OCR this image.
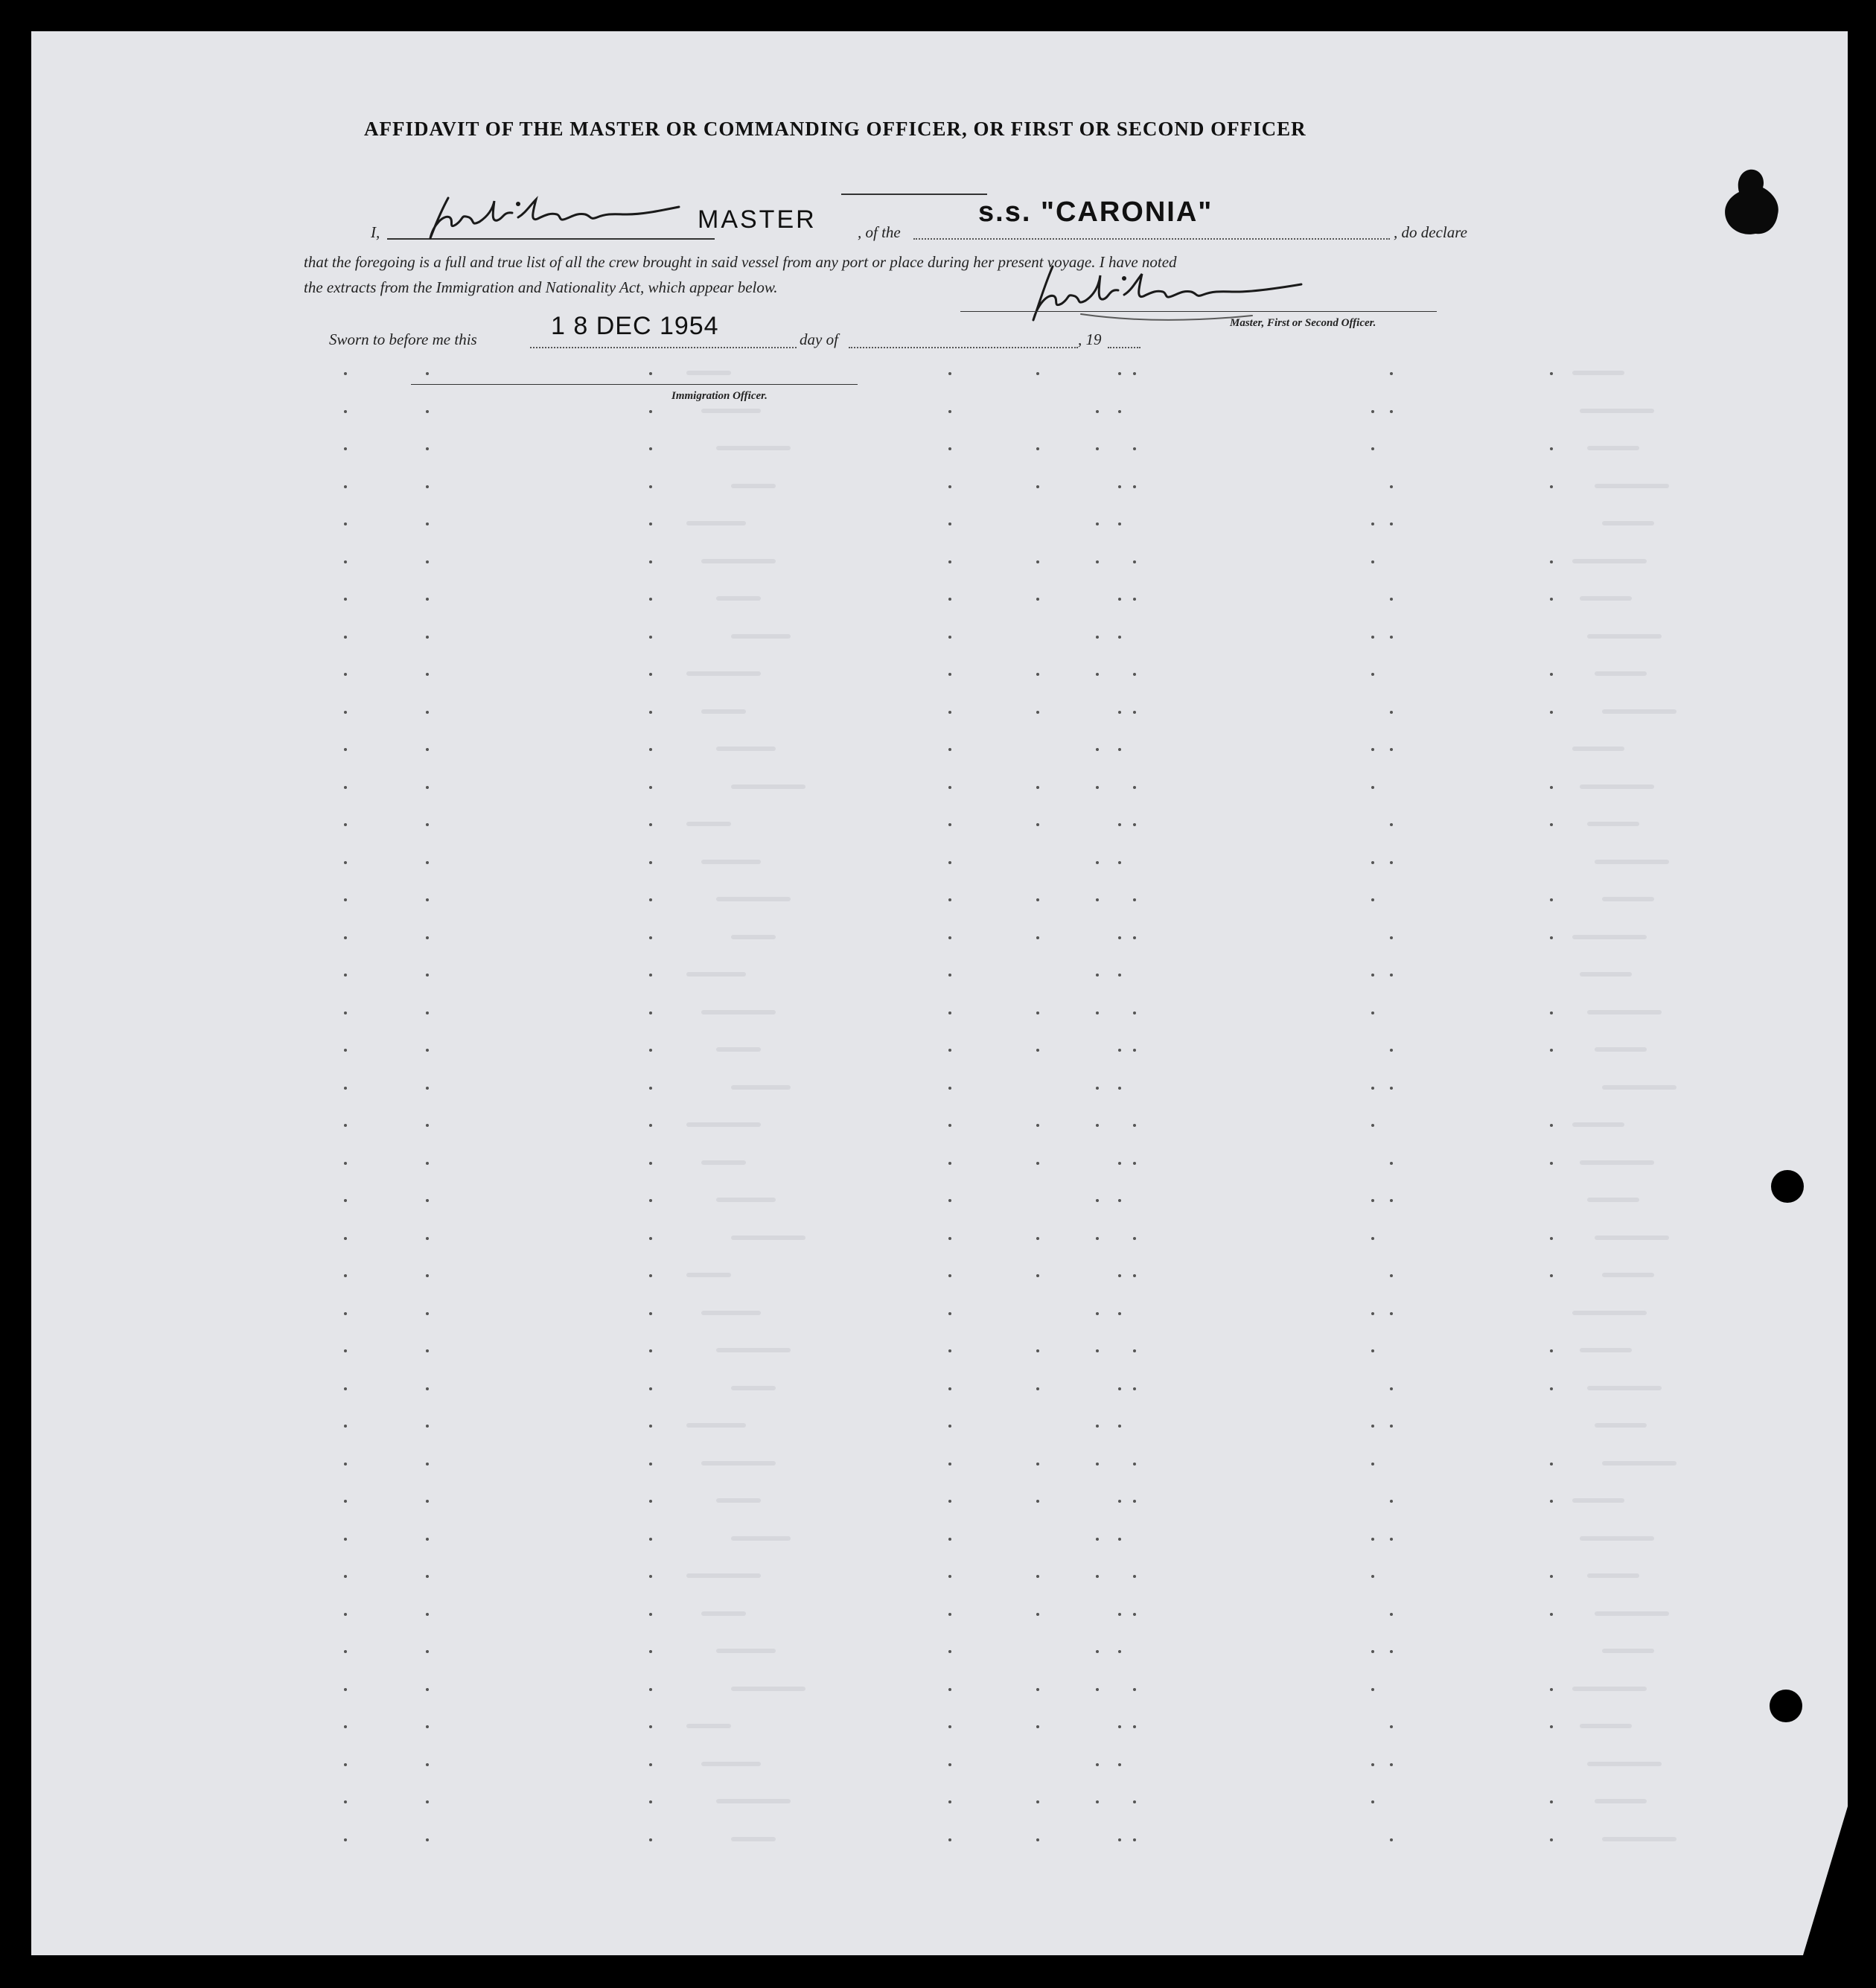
AFFIDAVIT OF THE MASTER OR COMMANDING OFFICER, OR FIRST OR SECOND OFFICER
I,	MASTER	, of the
s.s. "CARONIA"
, do declare
that the foregoing is a full and true list of all the crew brought in said vessel from any port or place during her present voyage. I have noted
the extracts from the Immigration and Nationality Act, which appear below.
Master, First or Second Officer.
Sworn to before me this	1 8 DEC 1954	day of	, 19
Immigration Officer.
